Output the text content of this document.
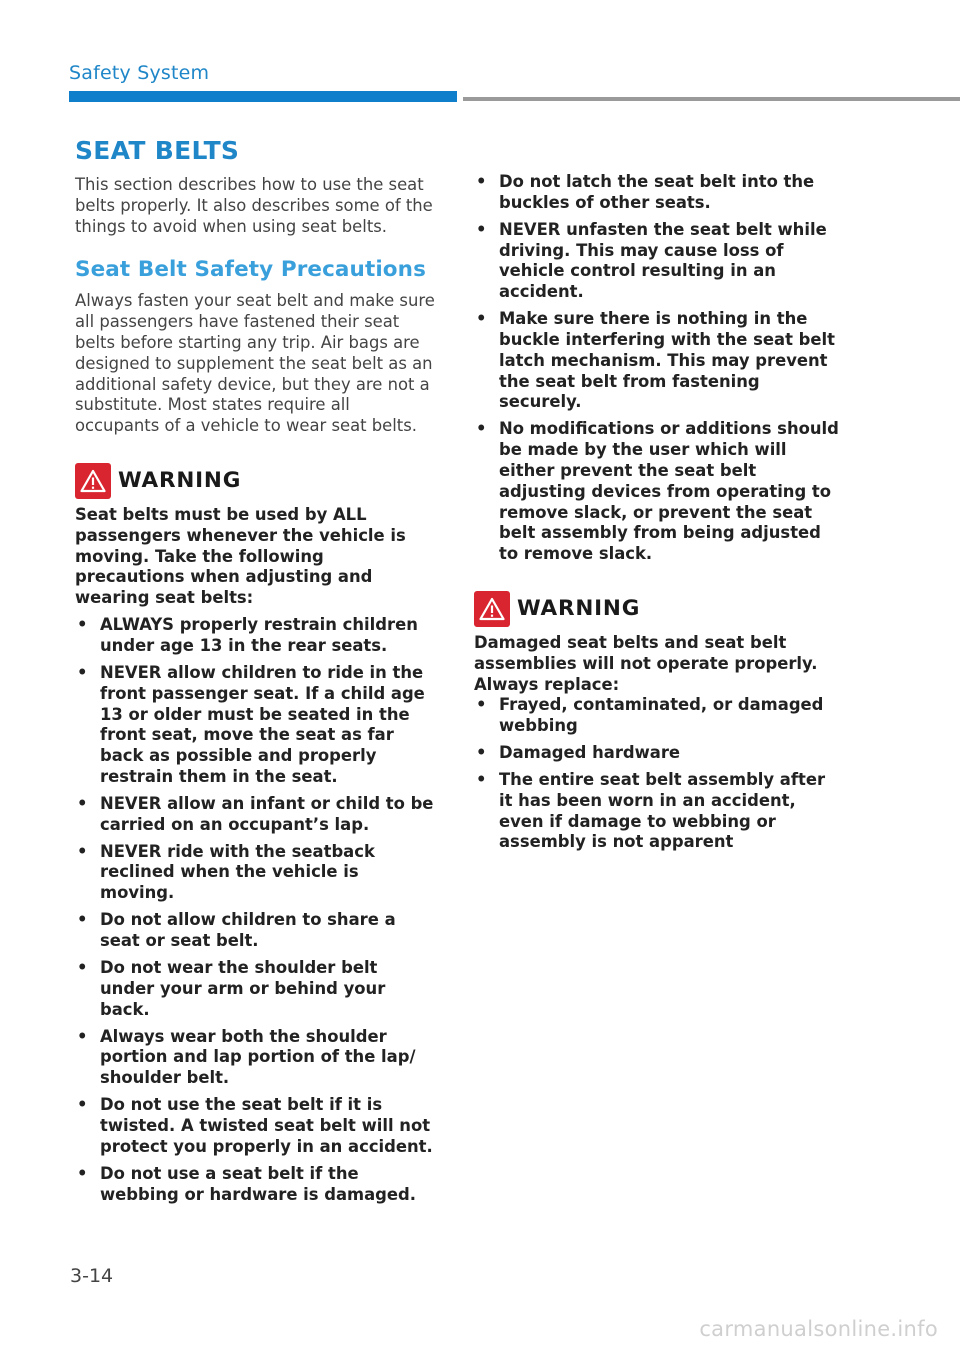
Safety System
SEAT BELTS

This section describes how to use the seat belts properly. It also describes some of the things to avoid when using seat belts.

Seat Belt Safety Precautions

Always fasten your seat belt and make sure all passengers have fastened their seat belts before starting any trip. Air bags are designed to supplement the seat belt as an additional safety device, but they are not a substitute. Most states require all occupants of a vehicle to wear seat belts.

WARNING

Seat belts must be used by ALL passengers whenever the vehicle is moving. Take the following precautions when adjusting and wearing seat belts:

• ALWAYS properly restrain children under age 13 in the rear seats.
• NEVER allow children to ride in the front passenger seat. If a child age 13 or older must be seated in the front seat, move the seat as far back as possible and properly restrain them in the seat.
• NEVER allow an infant or child to be carried on an occupant’s lap.
• NEVER ride with the seatback reclined when the vehicle is moving.
• Do not allow children to share a seat or seat belt.
• Do not wear the shoulder belt under your arm or behind your back.
• Always wear both the shoulder portion and lap portion of the lap/ shoulder belt.
• Do not use the seat belt if it is twisted. A twisted seat belt will not protect you properly in an accident.
• Do not use a seat belt if the webbing or hardware is damaged.
• Do not latch the seat belt into the buckles of other seats.
• NEVER unfasten the seat belt while driving. This may cause loss of vehicle control resulting in an accident.
• Make sure there is nothing in the buckle interfering with the seat belt latch mechanism. This may prevent the seat belt from fastening securely.
• No modifications or additions should be made by the user which will either prevent the seat belt adjusting devices from operating to remove slack, or prevent the seat belt assembly from being adjusted to remove slack.
WARNING

Damaged seat belts and seat belt assemblies will not operate properly. Always replace:

• Frayed, contaminated, or damaged webbing
• Damaged hardware
• The entire seat belt assembly after it has been worn in an accident, even if damage to webbing or assembly is not apparent
3-14
carmanualsonline.info
